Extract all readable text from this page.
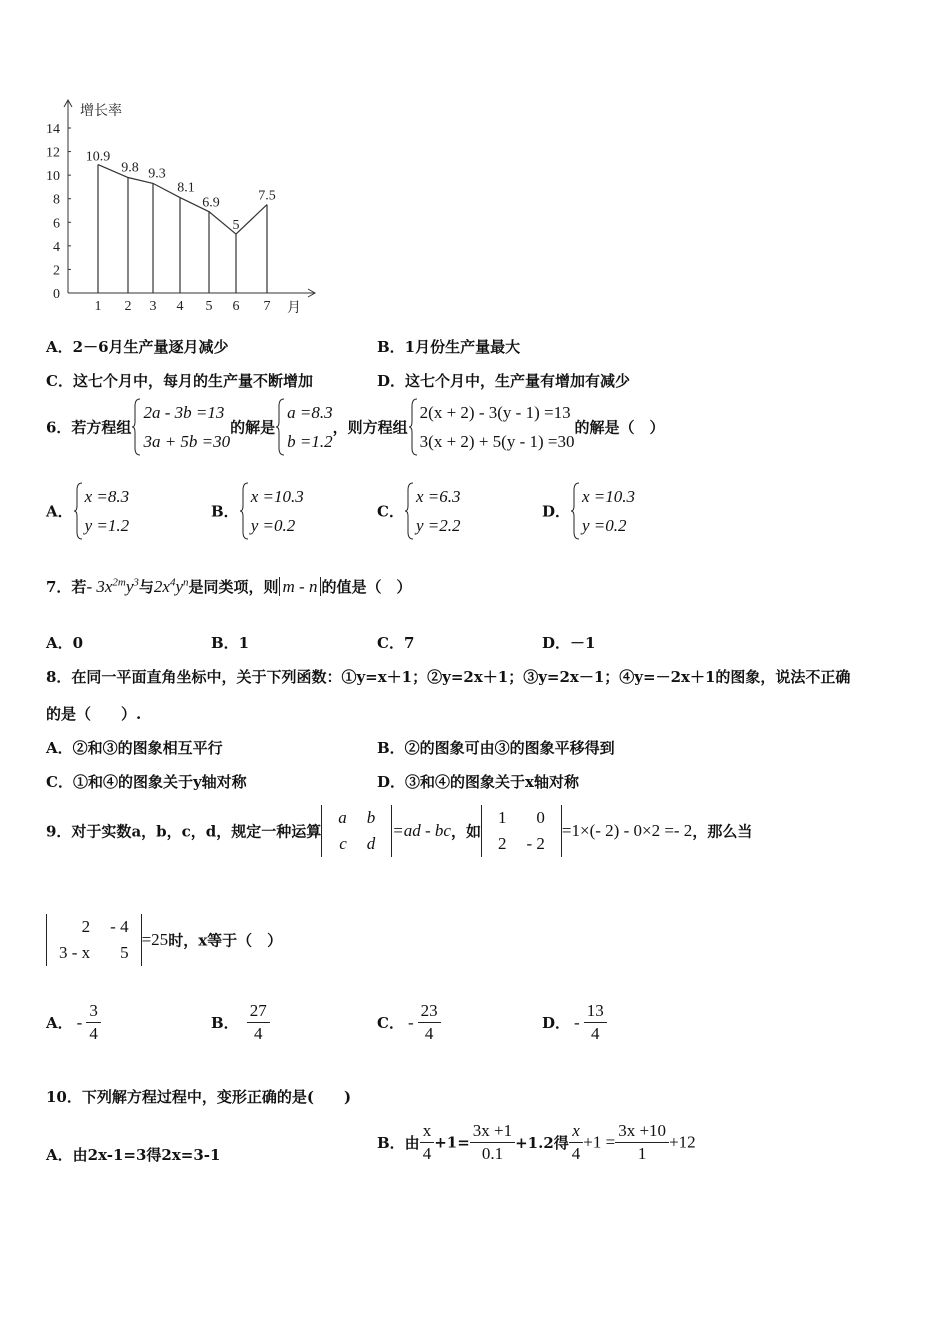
增长率
月
0
2
4
6
8
10
12
14
1 2 3 4 5 6 7
10.9
9.8 9.3
8.1
6.9
5
7.5
A．2－6月生产量逐月减少	B．1月份生产量最大
C．这七个月中，每月的生产量不断增加	D．这七个月中，生产量有增加有减少
6．若方程组
2a - 3b =13
3a + 5b =30
的解是
a =8.3
b =1.2
，则方程组
2(x + 2) - 3(y - 1) =13
3(x + 2) + 5(y - 1) =30
的解是（　）
A．
x =8.3
y =1.2
B．
x =10.3
y =0.2
C．
x =6.3
y =2.2
D．
x =10.3
y =0.2
7．若- $3x^{2m}y^3$与$2x^4y^n$是同类项，则 m - n 的值是（　）
A．0	B．1	C．7	D．－1
8．在同一平面直角坐标中，关于下列函数：①y=x＋1；②y=2x＋1；③y=2x－1；④y=－2x＋1的图象，说法不正确
的是（　　）.
A．②和③的图象相互平行	B．②的图象可由③的图象平移得到
C．①和④的图象关于y轴对称	D．③和④的图象关于x轴对称
9．对于实数a，b，c，d，规定一种运算
a	b
c	d
=ad - bc，如
1	0
2	- 2
=1×(- 2) - 0×2 =- 2，那么当
2	- 4
3 - x	5
=25时，x等于（　）
A． - $\frac{3}{4}$	B． $\frac{27}{4}$	C． - $\frac{23}{4}$	D． - $\frac{13}{4}$
10．下列解方程过程中，变形正确的是(　　)
A．由2x-1=3得2x=3-1
B．由 $\frac{x}{4} +1= \frac{3x +1}{0.1} +1.2$得 $\frac{x}{4} +1 = \frac{3x +10}{1} +12$
